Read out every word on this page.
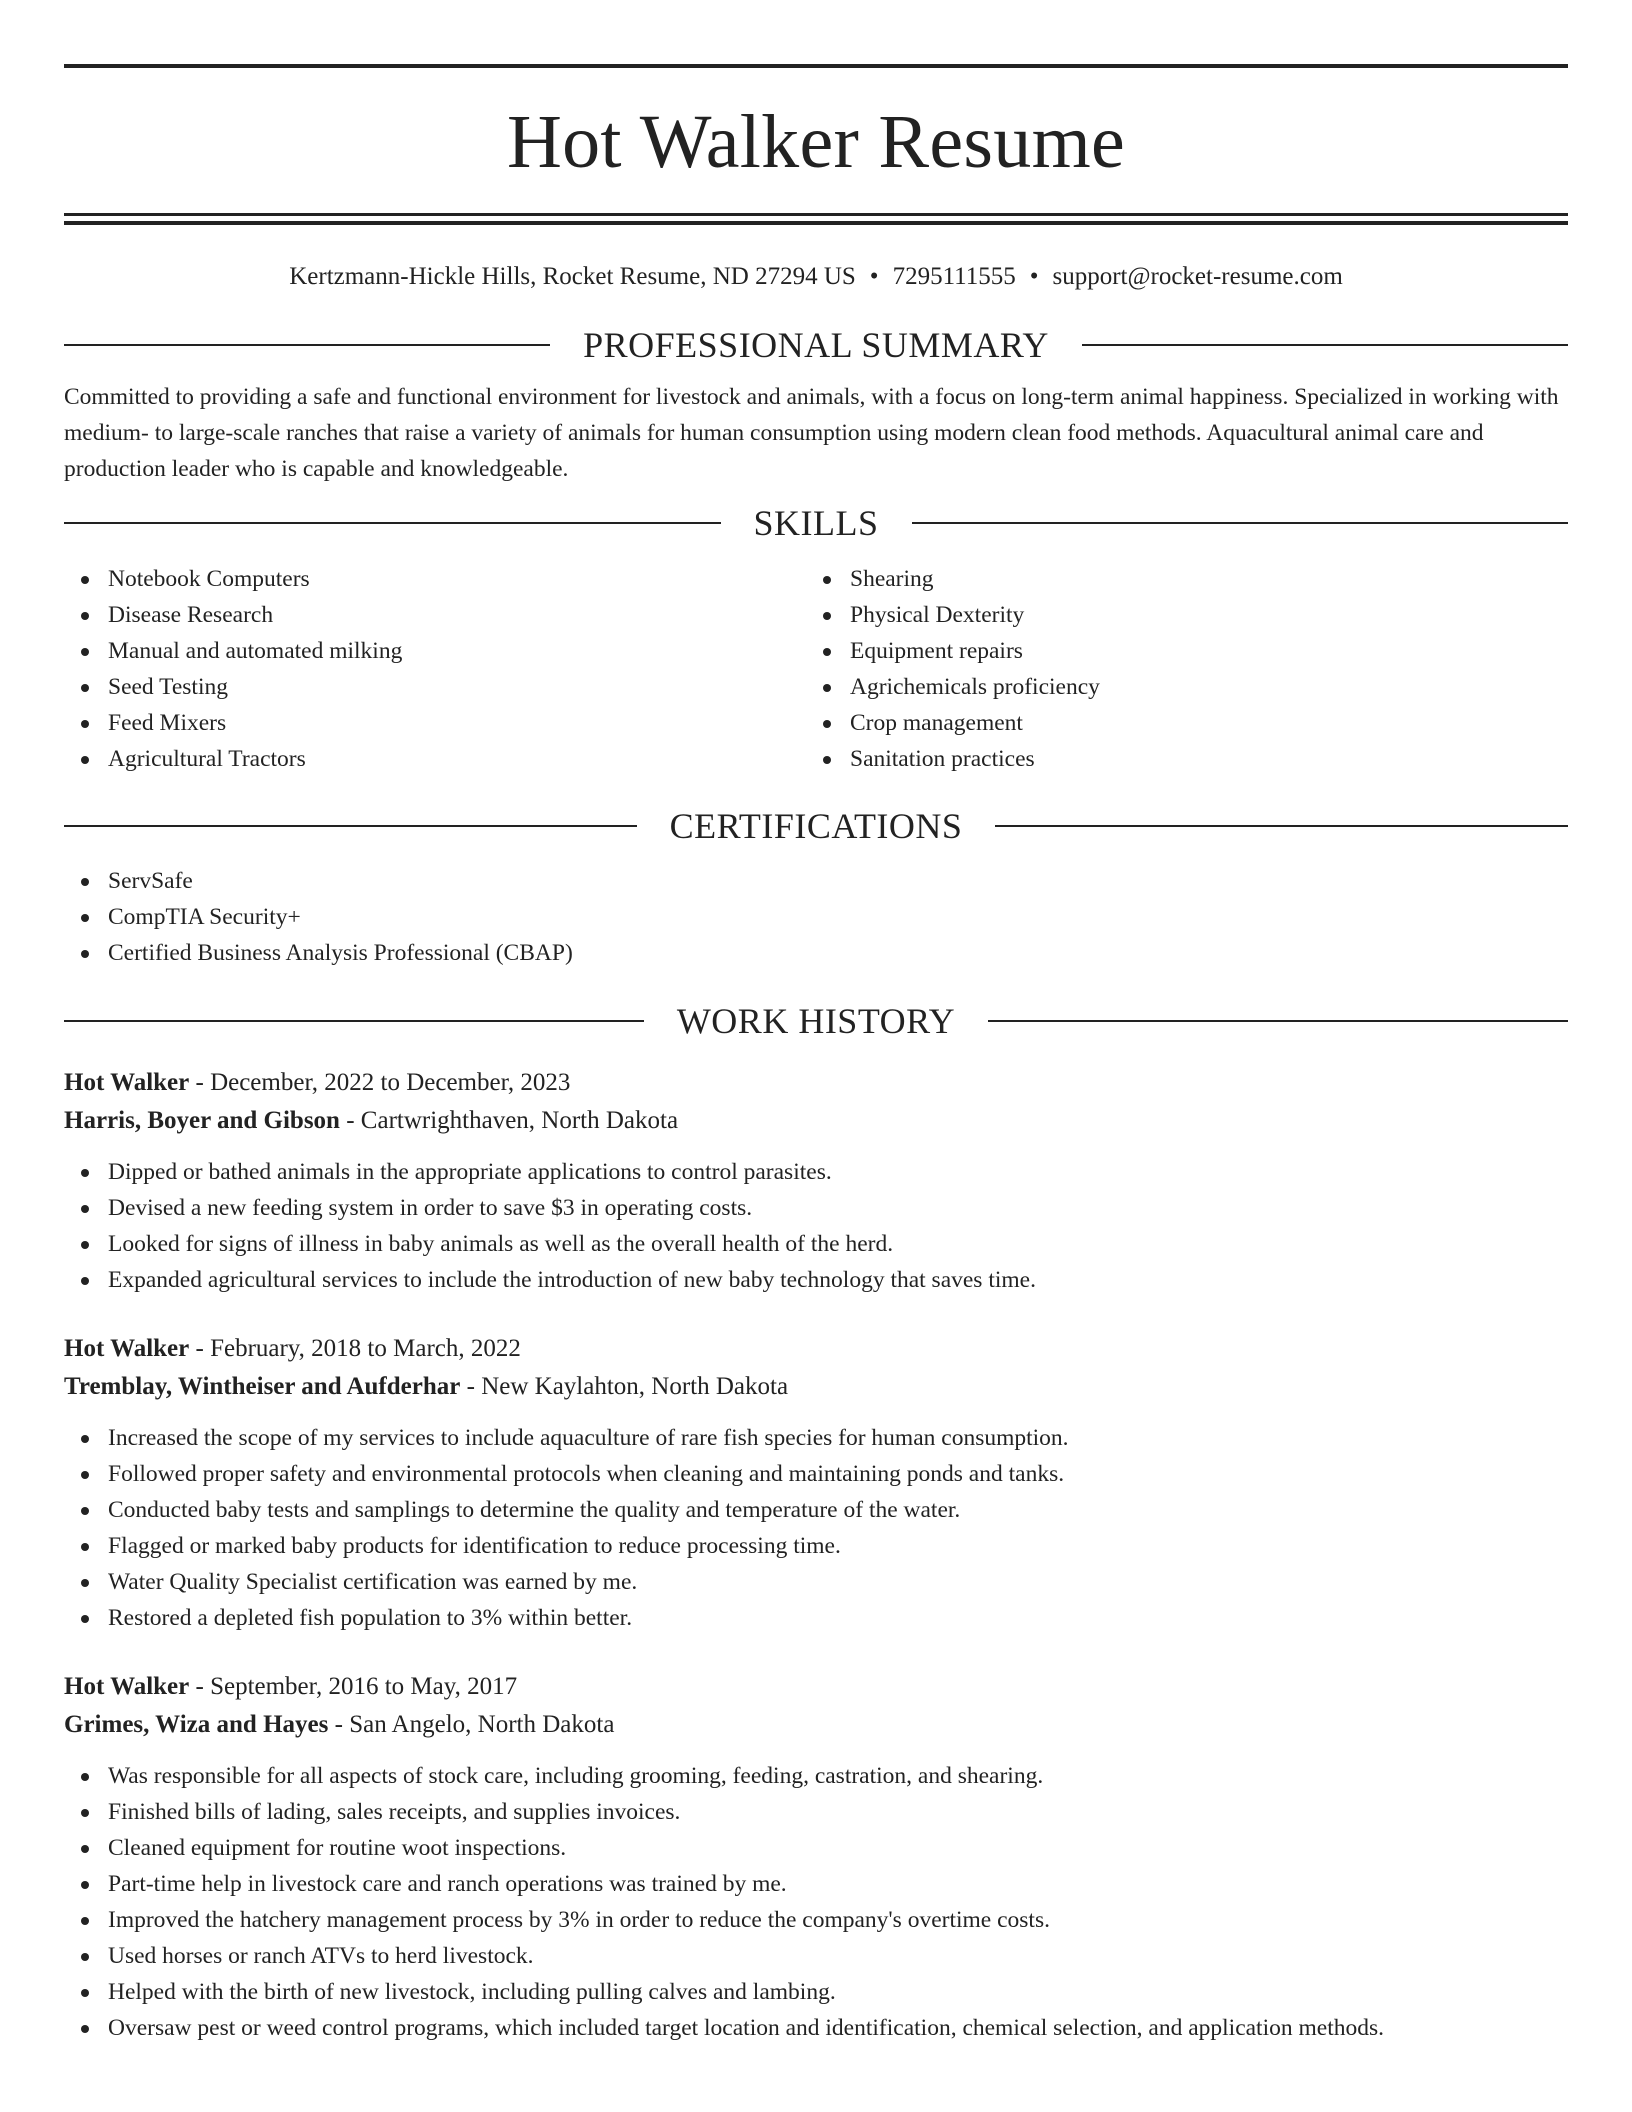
Hot Walker Resume
Kertzmann-Hickle Hills, Rocket Resume, ND 27294 US • 7295111555 • support@rocket-resume.com
PROFESSIONAL SUMMARY

Committed to providing a safe and functional environment for livestock and animals, with a focus on long-term animal happiness. Specialized in working with medium- to large-scale ranches that raise a variety of animals for human consumption using modern clean food methods. Aquacultural animal care and production leader who is capable and knowledgeable.

SKILLS
Notebook Computers
Disease Research
Manual and automated milking
Seed Testing
Feed Mixers
Agricultural Tractors
Shearing
Physical Dexterity
Equipment repairs
Agrichemicals proficiency
Crop management
Sanitation practices
CERTIFICATIONS
ServSafe
CompTIA Security+
Certified Business Analysis Professional (CBAP)
WORK HISTORY
Hot Walker - December, 2022 to December, 2023
Harris, Boyer and Gibson - Cartwrighthaven, North Dakota
Dipped or bathed animals in the appropriate applications to control parasites.
Devised a new feeding system in order to save $3 in operating costs.
Looked for signs of illness in baby animals as well as the overall health of the herd.
Expanded agricultural services to include the introduction of new baby technology that saves time.
Hot Walker - February, 2018 to March, 2022
Tremblay, Wintheiser and Aufderhar - New Kaylahton, North Dakota
Increased the scope of my services to include aquaculture of rare fish species for human consumption.
Followed proper safety and environmental protocols when cleaning and maintaining ponds and tanks.
Conducted baby tests and samplings to determine the quality and temperature of the water.
Flagged or marked baby products for identification to reduce processing time.
Water Quality Specialist certification was earned by me.
Restored a depleted fish population to 3% within better.
Hot Walker - September, 2016 to May, 2017
Grimes, Wiza and Hayes - San Angelo, North Dakota
Was responsible for all aspects of stock care, including grooming, feeding, castration, and shearing.
Finished bills of lading, sales receipts, and supplies invoices.
Cleaned equipment for routine woot inspections.
Part-time help in livestock care and ranch operations was trained by me.
Improved the hatchery management process by 3% in order to reduce the company's overtime costs.
Used horses or ranch ATVs to herd livestock.
Helped with the birth of new livestock, including pulling calves and lambing.
Oversaw pest or weed control programs, which included target location and identification, chemical selection, and application methods.
